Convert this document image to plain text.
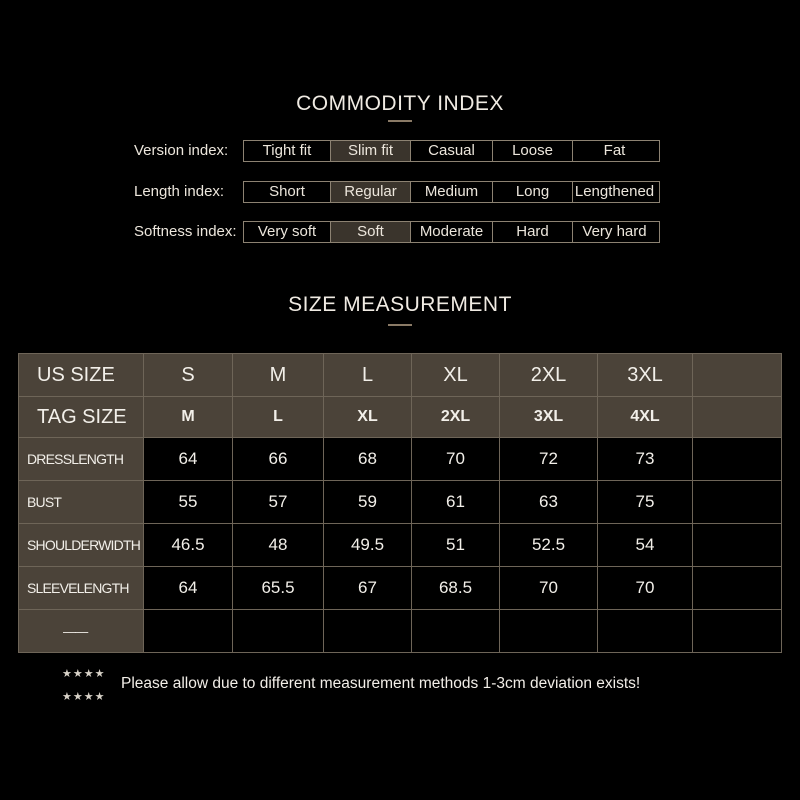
COMMODITY INDEX
Version index:	Tight fit	Slim fit	Casual	Loose	Fat
Length index:	Short	Regular	Medium	Long	Lengthened
Softness index:	Very soft	Soft	Moderate	Hard	Very hard
SIZE MEASUREMENT
US SIZE	S	M	L	XL	2XL	3XL	
TAG SIZE	M	L	XL	2XL	3XL	4XL	
DRESSLENGTH	64	66	68	70	72	73	
BUST	55	57	59	61	63	75	
SHOULDERWIDTH	46.5	48	49.5	51	52.5	54	
SLEEVELENGTH	64	65.5	67	68.5	70	70	
——							
★★★★
★★★★
Please allow due to different measurement methods 1-3cm deviation exists!
